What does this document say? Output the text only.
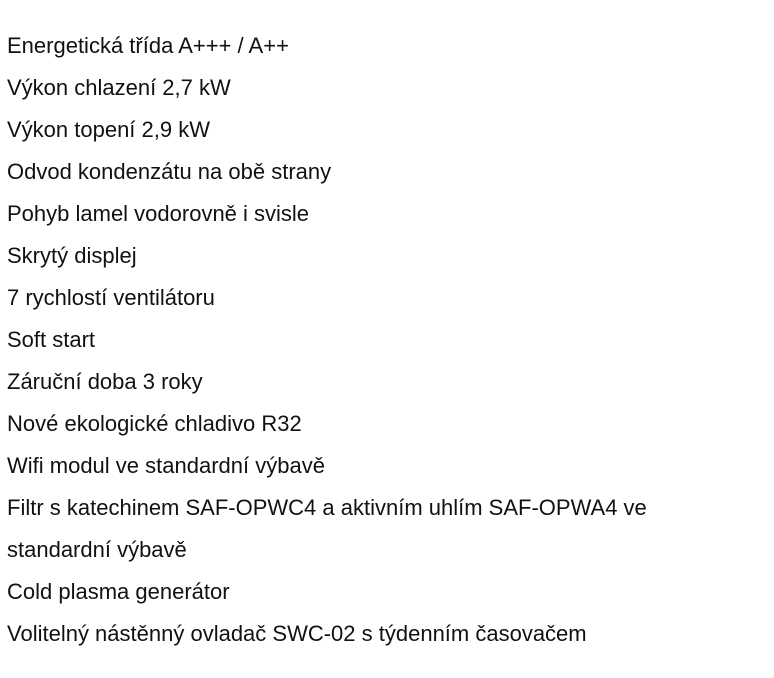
Energetická třída A+++ / A++
Výkon chlazení 2,7 kW
Výkon topení 2,9 kW
Odvod kondenzátu na obě strany
Pohyb lamel vodorovně i svisle
Skrytý displej
7 rychlostí ventilátoru
Soft start
Záruční doba 3 roky
Nové ekologické chladivo R32
Wifi modul ve standardní výbavě
Filtr s katechinem SAF-OPWC4 a aktivním uhlím SAF-OPWA4 ve standardní výbavě
Cold plasma generátor
Volitelný nástěnný ovladač SWC-02 s týdenním časovačem
